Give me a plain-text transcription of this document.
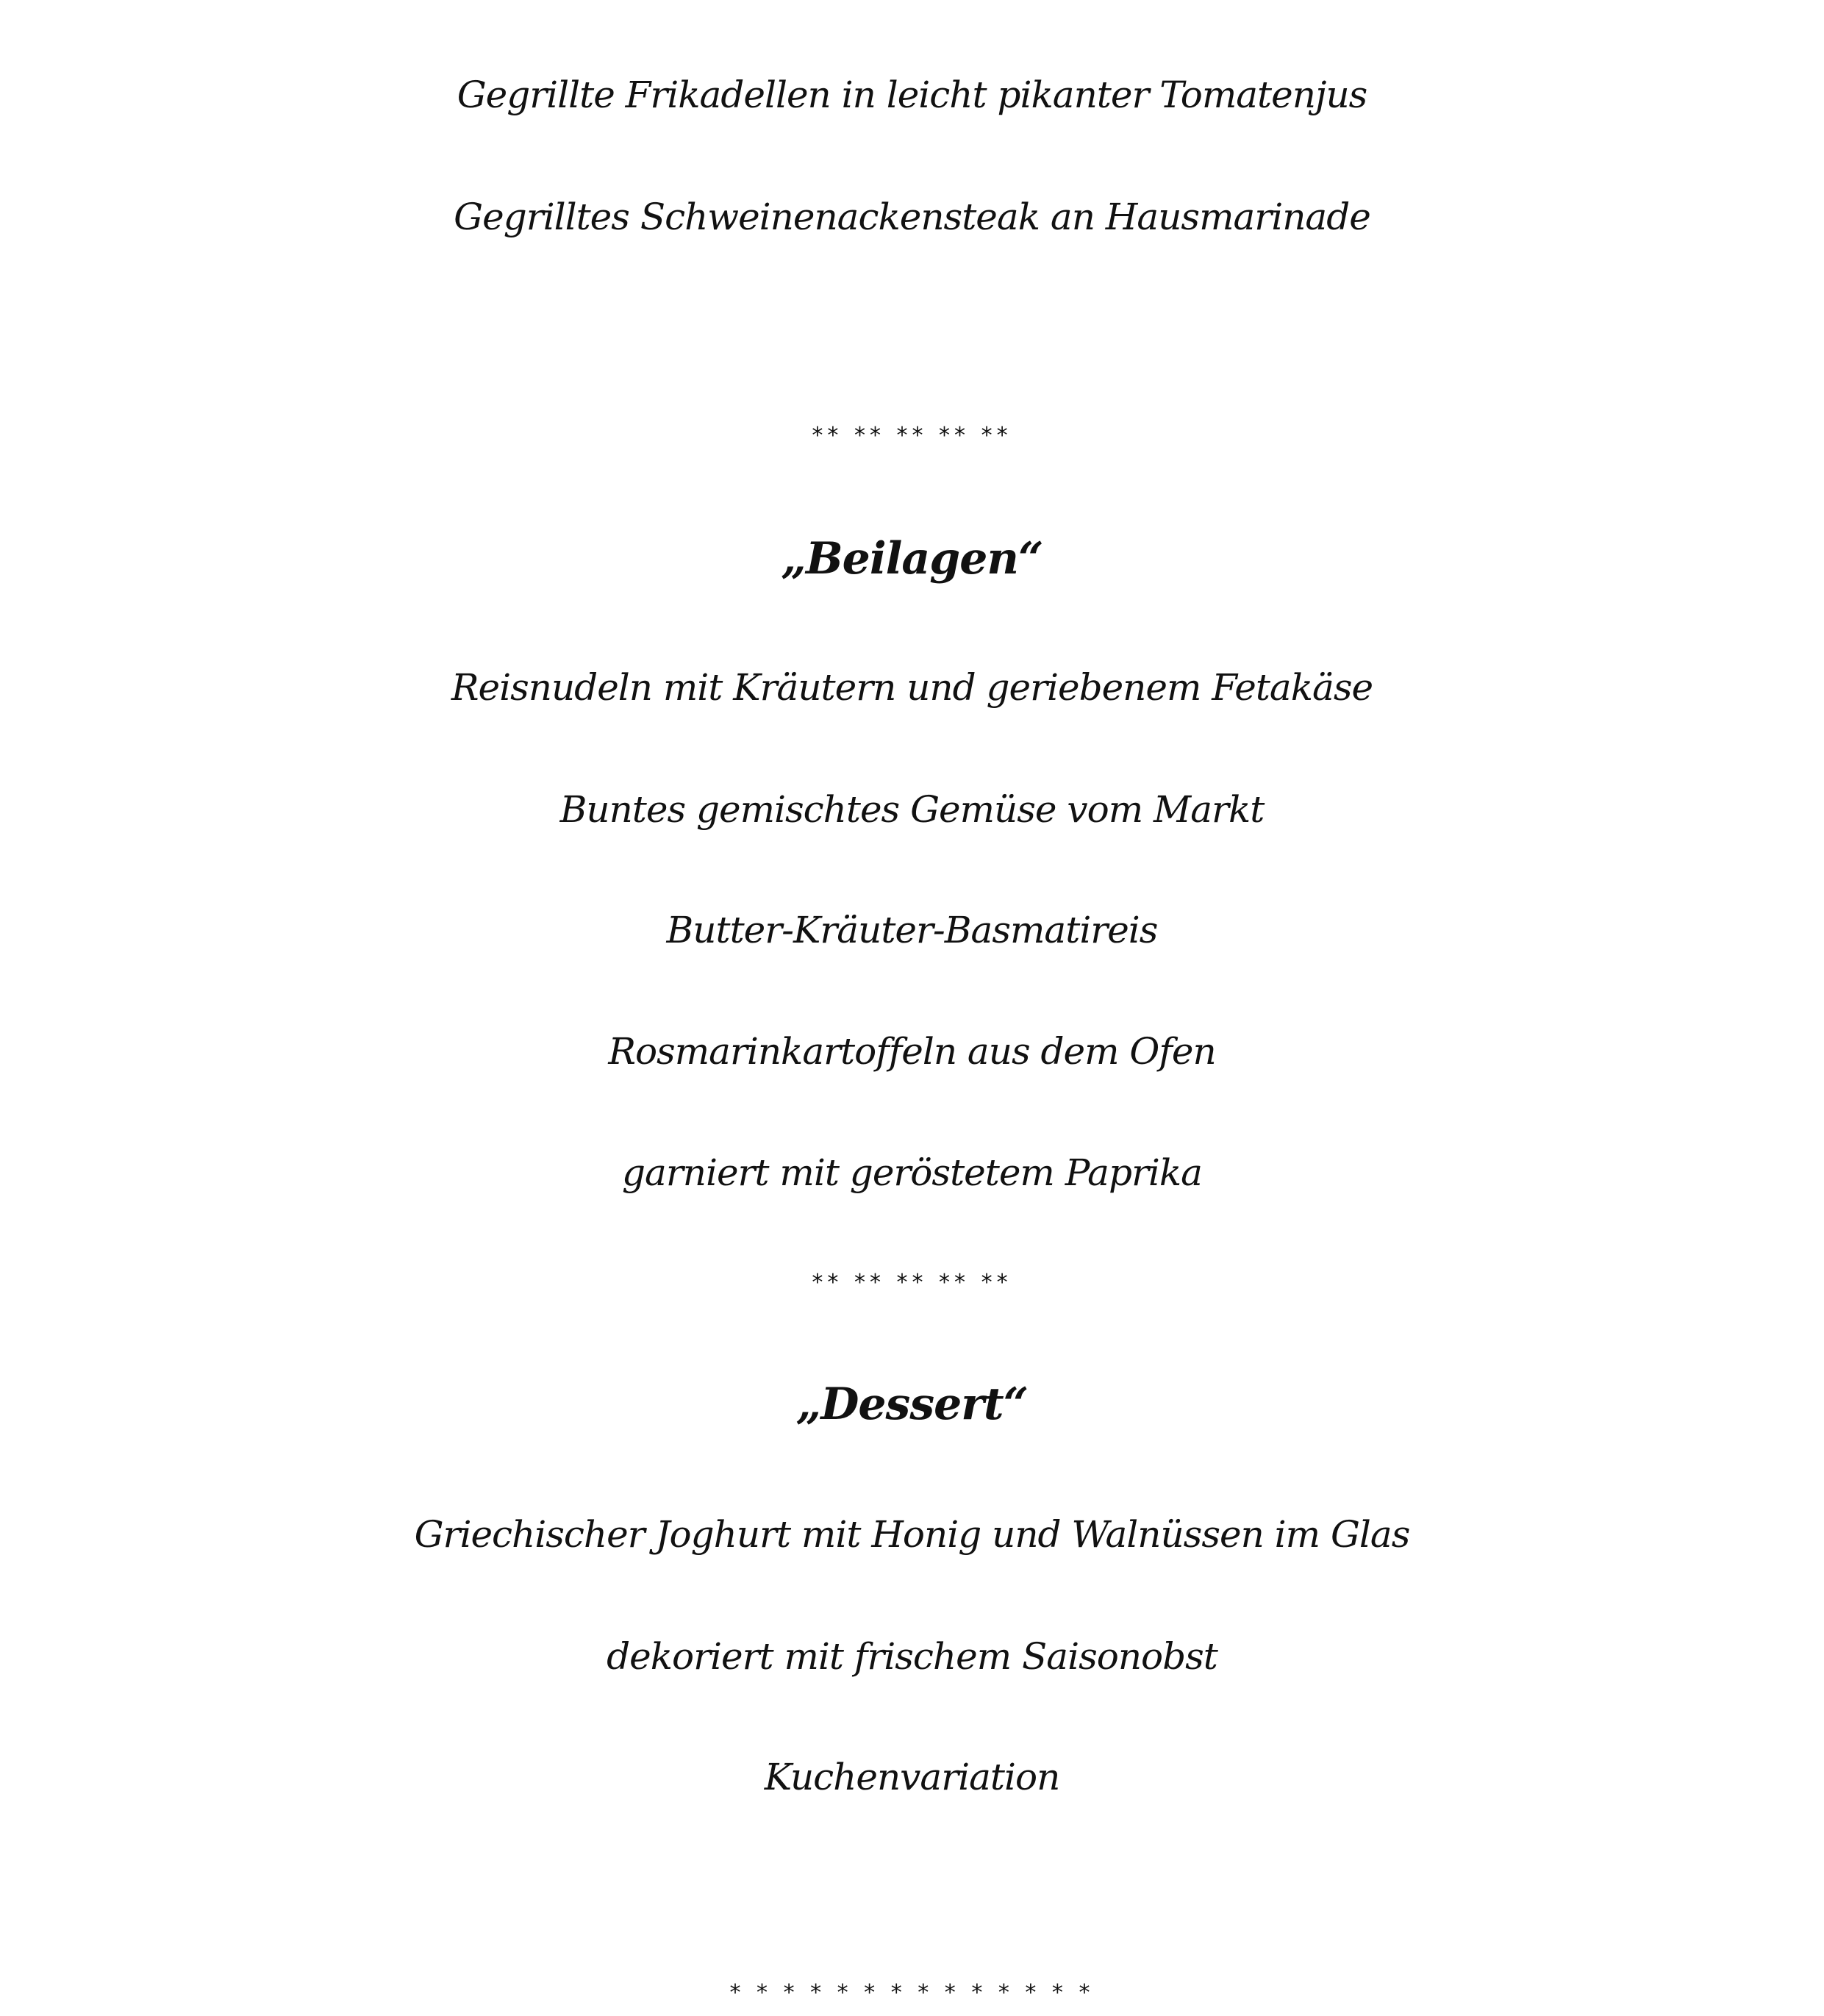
Gegrillte Frikadellen in leicht pikanter Tomatenjus
Gegrilltes Schweinenackensteak an Hausmarinade
** ** ** ** **
„Beilagen“
Reisnudeln mit Kräutern und geriebenem Fetakäse
Buntes gemischtes Gemüse vom Markt
Butter-Kräuter-Basmatireis
Rosmarinkartoffeln aus dem Ofen
garniert mit geröstetem Paprika
** ** ** ** **
„Dessert“
Griechischer Joghurt mit Honig und Walnüssen im Glas
dekoriert mit frischem Saisonobst
Kuchenvariation
* * * * * * * * * * * * * *
